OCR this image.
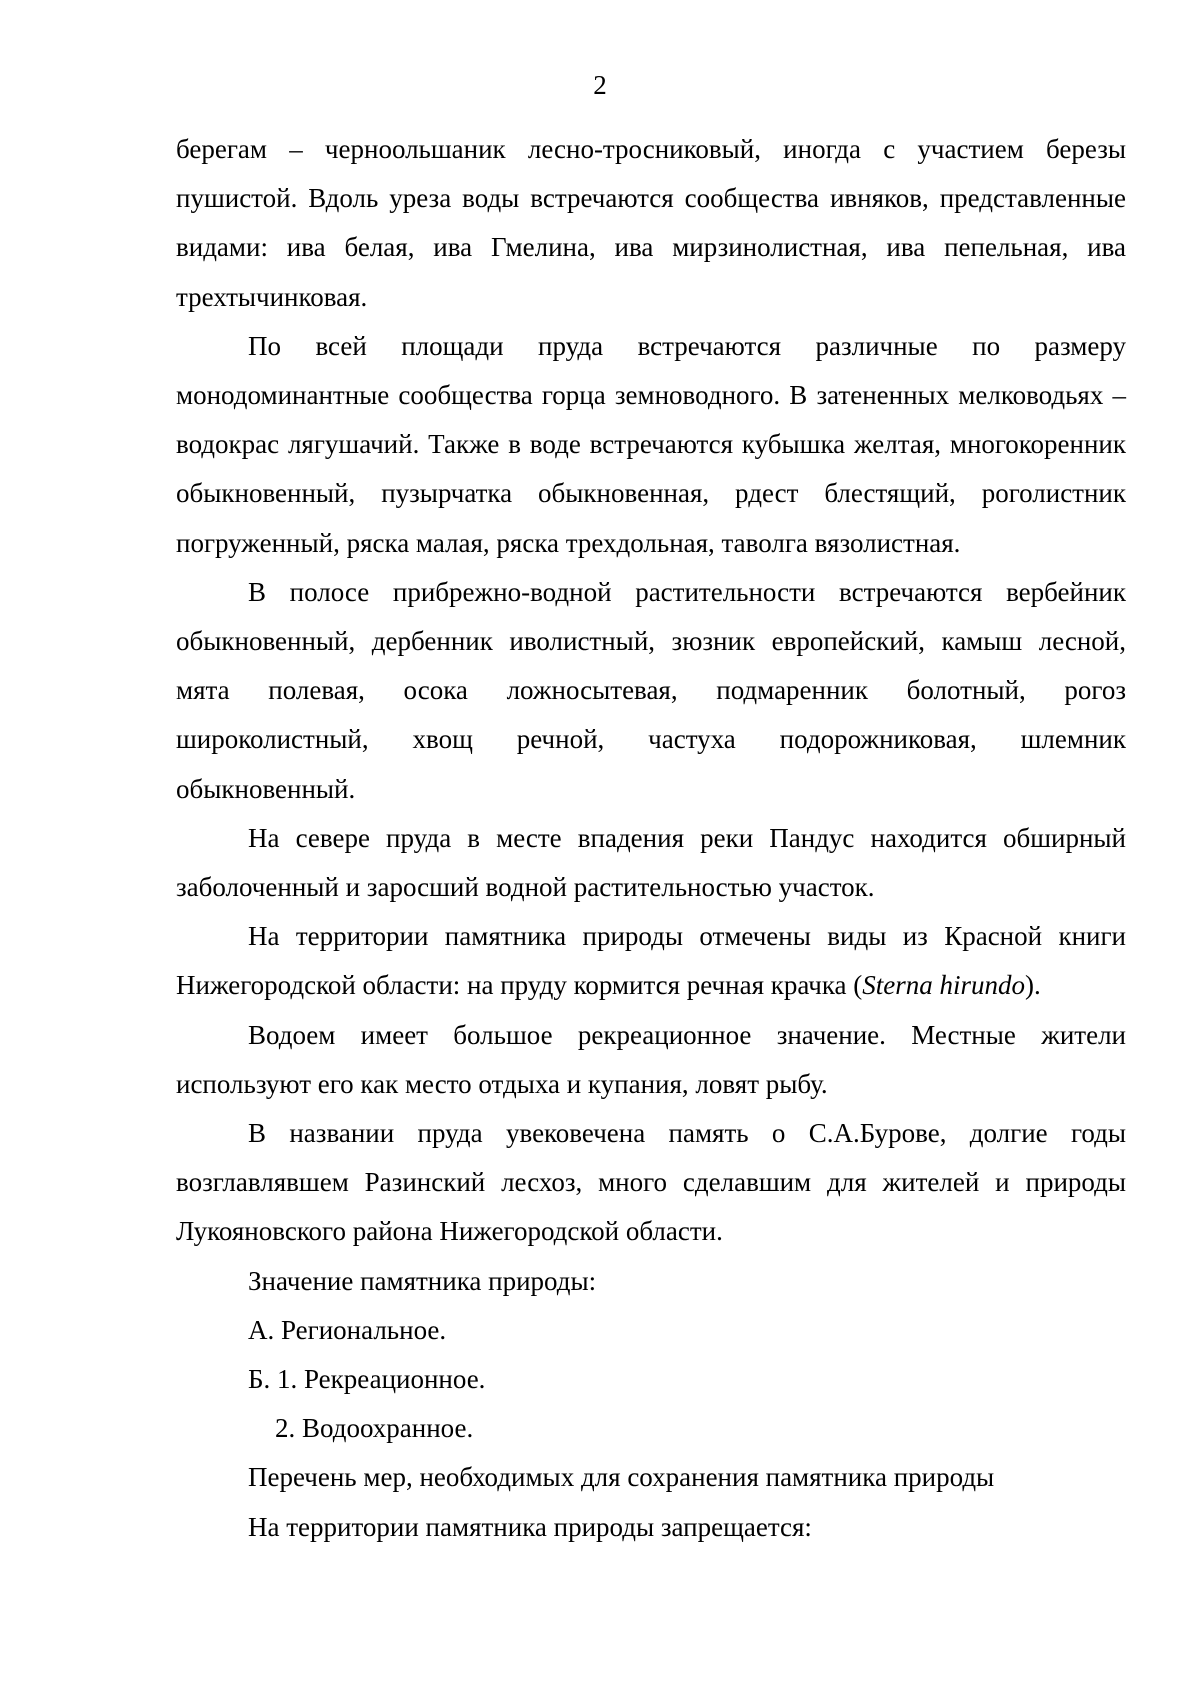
2

берегам – черноольшаник лесно-тросниковый, иногда с участием березы пушистой. Вдоль уреза воды встречаются сообщества ивняков, представленные видами: ива белая, ива Гмелина, ива мирзинолистная, ива пепельная, ива трехтычинковая.

По всей площади пруда встречаются различные по размеру монодоминантные сообщества горца земноводного. В затененных мелководьях – водокрас лягушачий. Также в воде встречаются кубышка желтая, многокоренник обыкновенный, пузырчатка обыкновенная, рдест блестящий, роголистник погруженный, ряска малая, ряска трехдольная, таволга вязолистная.

В полосе прибрежно-водной растительности встречаются вербейник обыкновенный, дербенник иволистный, зюзник европейский, камыш лесной, мята полевая, осока ложносытевая, подмаренник болотный, рогоз широколистный, хвощ речной, частуха подорожниковая, шлемник обыкновенный.

На севере пруда в месте впадения реки Пандус находится обширный заболоченный и заросший водной растительностью участок.

На территории памятника природы отмечены виды из Красной книги Нижегородской области: на пруду кормится речная крачка (Sterna hirundo).

Водоем имеет большое рекреационное значение. Местные жители используют его как место отдыха и купания, ловят рыбу.

В названии пруда увековечена память о С.А.Бурове, долгие годы возглавлявшем Разинский лесхоз, много сделавшим для жителей и природы Лукояновского района Нижегородской области.

Значение памятника природы:

А. Региональное.

Б. 1. Рекреационное.

2. Водоохранное.

Перечень мер, необходимых для сохранения памятника природы

На территории памятника природы запрещается:
